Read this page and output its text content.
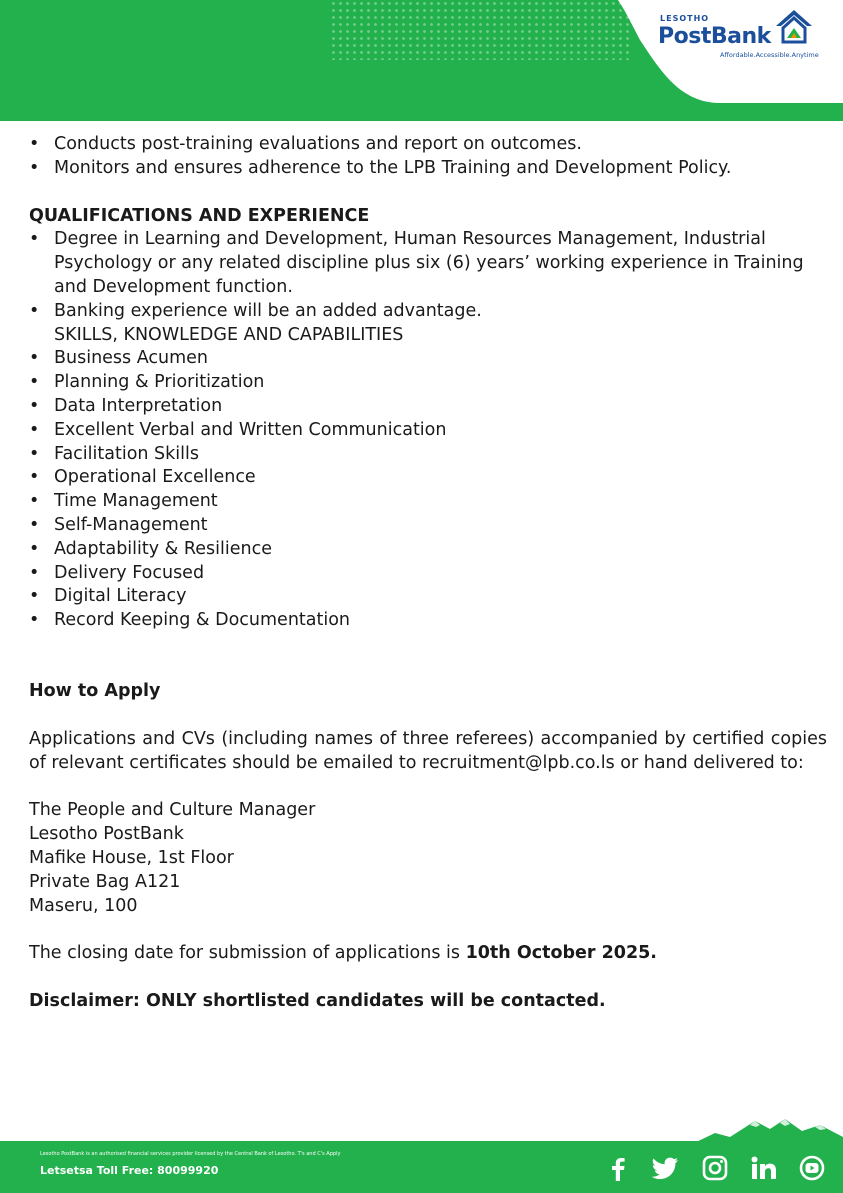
LESOTHO
PostBank
Affordable.Accessible.Anytime
• Conducts post-training evaluations and report on outcomes.
• Monitors and ensures adherence to the LPB Training and Development Policy.
QUALIFICATIONS AND EXPERIENCE
• Degree in Learning and Development, Human Resources Management, Industrial Psychology or any related discipline plus six (6) years’ working experience in Training and Development function.
• Banking experience will be an added advantage.
SKILLS, KNOWLEDGE AND CAPABILITIES
• Business Acumen
• Planning & Prioritization
• Data Interpretation
• Excellent Verbal and Written Communication
• Facilitation Skills
• Operational Excellence
• Time Management
• Self-Management
• Adaptability & Resilience
• Delivery Focused
• Digital Literacy
• Record Keeping & Documentation
How to Apply
Applications and CVs (including names of three referees) accompanied by certified copies of relevant certificates should be emailed to recruitment@lpb.co.ls or hand delivered to:
The People and Culture Manager
Lesotho PostBank
Mafike House, 1st Floor
Private Bag A121
Maseru, 100
The closing date for submission of applications is 10th October 2025.
Disclaimer: ONLY shortlisted candidates will be contacted.
Lesotho PostBank is an authorised financial services provider licensed by the Central Bank of Lesotho. T's and C's Apply
Letsetsa Toll Free: 80099920
